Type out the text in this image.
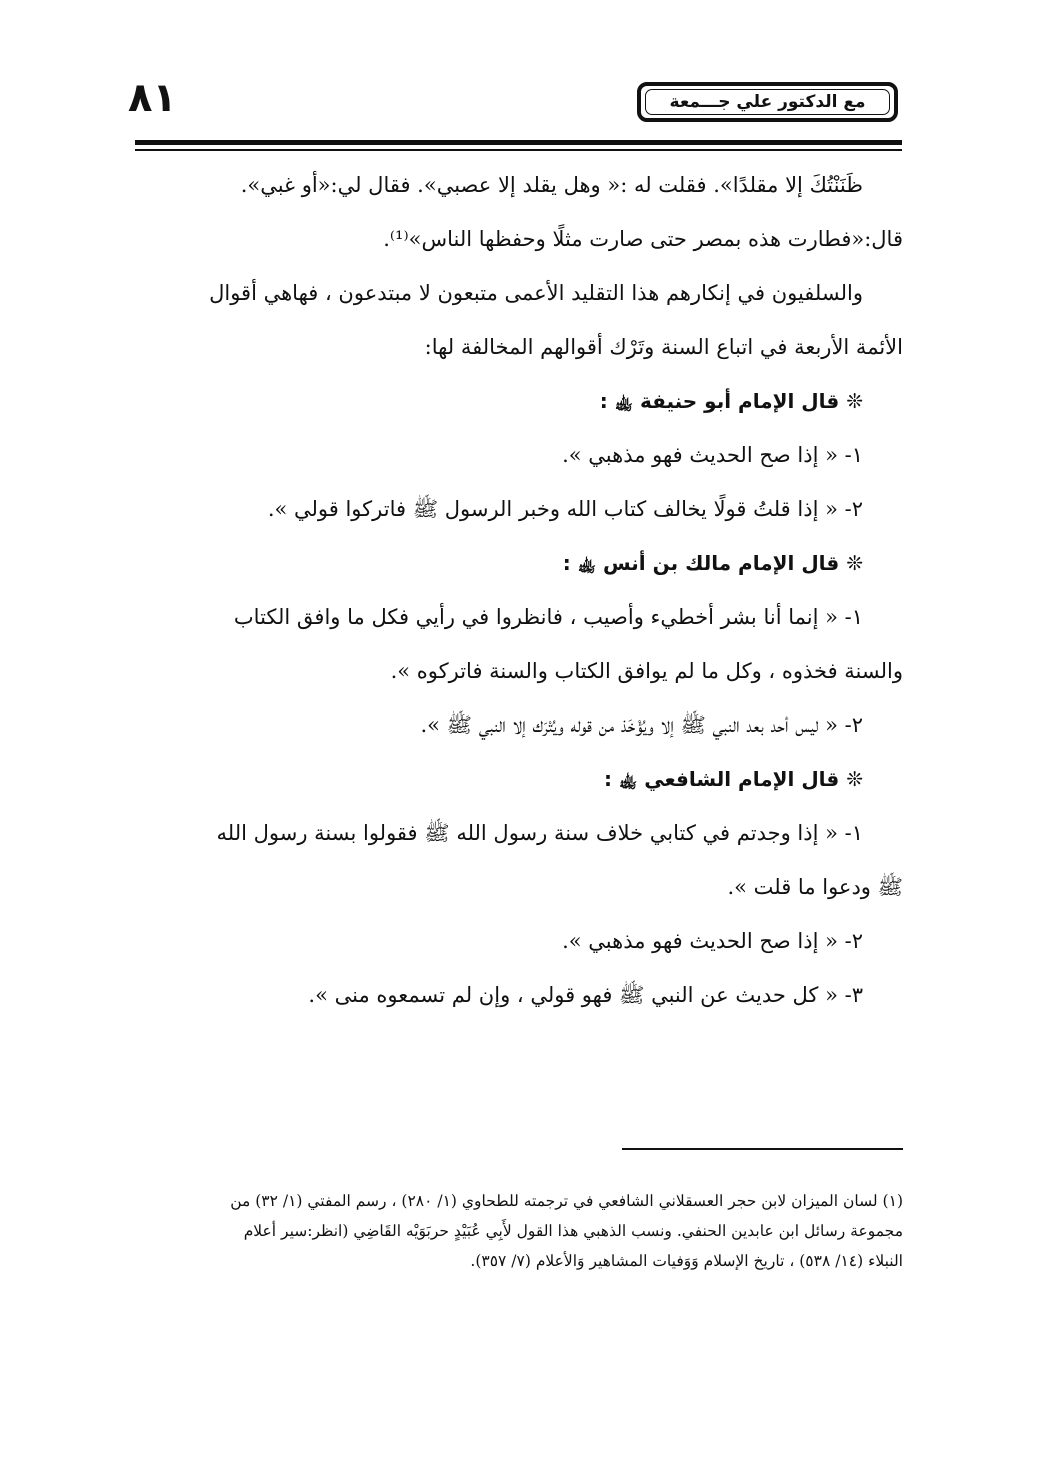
٨١	مع الدكتور علي جـــمعة
ظَنَنْتُكَ إلا مقلدًا». فقلت له :« وهل يقلد إلا عصبي». فقال لي:«أو غبي».
قال:«فطارت هذه بمصر حتى صارت مثلًا وحفظها الناس»⁽¹⁾.
والسلفيون في إنكارهم هذا التقليد الأعمى متبعون لا مبتدعون ، فهاهي أقوال
الأئمة الأربعة في اتباع السنة وتَرْك أقوالهم المخالفة لها:
❊ قال الإمام أبو حنيفة ﵀ :
١- « إذا صح الحديث فهو مذهبي ».
٢- « إذا قلتُ قولًا يخالف كتاب الله وخبر الرسول ﷺ فاتركوا قولي ».
❊ قال الإمام مالك بن أنس ﵀ :
١- « إنما أنا بشر أخطيء وأصيب ، فانظروا في رأيي فكل ما وافق الكتاب
والسنة فخذوه ، وكل ما لم يوافق الكتاب والسنة فاتركوه ».
٢- « ليس أحد بعد النبي ﷺ إلا ويُؤْخَذ من قوله ويُتْرَك إلا النبي ﷺ ».
❊ قال الإمام الشافعي ﵀ :
١- « إذا وجدتم في كتابي خلاف سنة رسول الله ﷺ فقولوا بسنة رسول الله
ﷺ ودعوا ما قلت ».
٢- « إذا صح الحديث فهو مذهبي ».
٣- « كل حديث عن النبي ﷺ فهو قولي ، وإن لم تسمعوه منى ».
(١) لسان الميزان لابن حجر العسقلاني الشافعي في ترجمته للطحاوي (١/ ٢٨٠) ، رسم المفتي (١/ ٣٢) من
مجموعة رسائل ابن عابدين الحنفي. ونسب الذهبي هذا القول لأَبِي عُبَيْدٍ حربَوَيْه القَاضِي (انظر:سير أعلام
النبلاء (١٤/ ٥٣٨) ، تاريخ الإسلام وَوَفيات المشاهير وَالأعلام (٧/ ٣٥٧).
